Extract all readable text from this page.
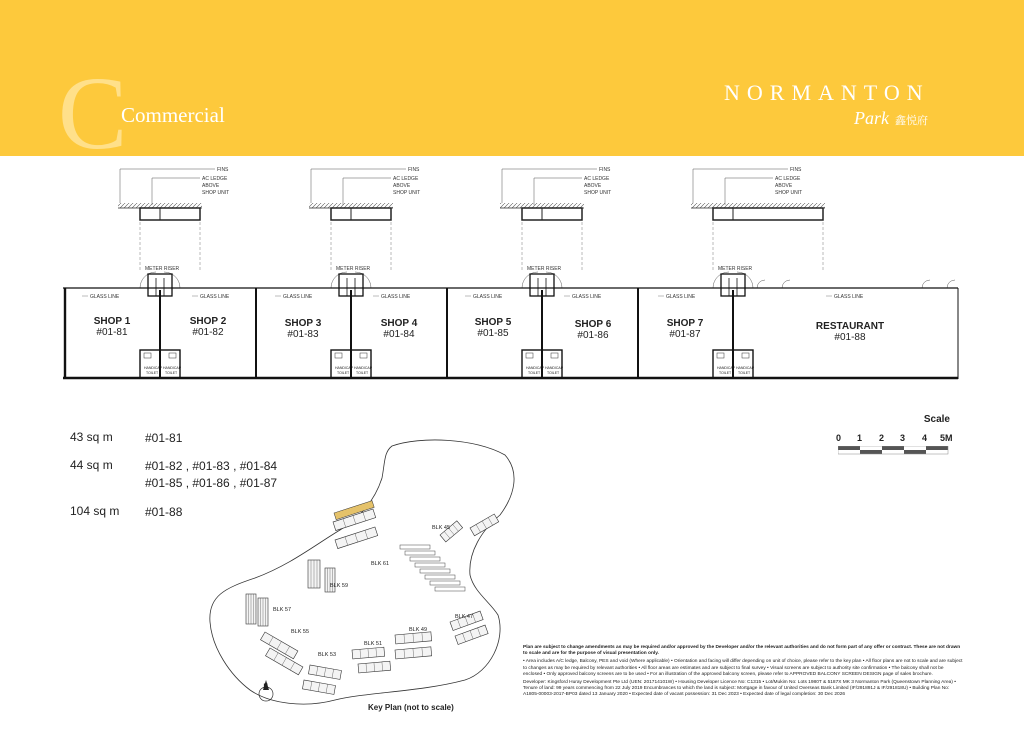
C
Commercial
NORMANTON
Park 鑫悦府
FINS
AC LEDGE
ABOVE
SHOP UNIT
METER RISER
HANDICAP
TOILET
HANDICAP
TOILET
FINS
AC LEDGE
ABOVE
SHOP UNIT
METER RISER
HANDICAP
TOILET
HANDICAP
TOILET
FINS
AC LEDGE
ABOVE
SHOP UNIT
METER RISER
HANDICAP
TOILET
HANDICAP
TOILET
FINS
AC LEDGE
ABOVE
SHOP UNIT
METER RISER
HANDICAP
TOILET
HANDICAP
TOILET
GLASS LINE	GLASS LINE	GLASS LINE	GLASS LINE	GLASS LINE	GLASS LINE	GLASS LINE	GLASS LINE
SHOP 1
#01-81
SHOP 2
#01-82
SHOP 3
#01-83
SHOP 4
#01-84
SHOP 5
#01-85
SHOP 6
#01-86
SHOP 7
#01-87
RESTAURANT
#01-88
43 sq m	#01-81
44 sq m	#01-82 , #01-83 , #01-84
#01-85 , #01-86 , #01-87
104 sq m #01-88
Scale
0 1 2 3 4 5M
BLK 45
BLK 47
BLK 49
BLK 51
BLK 53
BLK 55
BLK 57
BLK 59
BLK 61
N
Key Plan (not to scale)

Plan are subject to change amendments as may be required and/or approved by the Developer and/or the relevant authorities and do not form part of any offer or contract. These are not drawn to scale and are for the purpose of visual presentation only.

• Area includes A/C ledge, Balcony, PES and void (Where applicable) • Orientation and facing will differ depending on unit of choice, please refer to the key plan • All floor plans are not to scale and are subject to changes as may be required by relevant authorities • All floor areas are estimates and are subject to final survey • Visual screens are subject to authority site confirmation • The balcony shall not be enclosed • Only approved balcony screens are to be used • For an illustration of the approved balcony screen, please refer to APPROVED BALCONY SCREEN DESIGN page of sales brochure.

Developer: Kingsford Huray Development Pte Ltd (UEN: 201714101W) • Housing Developer Licence No: C1315 • Lot/Mukim No: Lots 1980T & 5187X MK 3 Normanton Park (Queenstown Planning Area) • Tenure of land: 99 years commencing from 22 July 2019 Encumbrances to which the land is subject: Mortgage in favour of United Overseas Bank Limited (IF/291891J & IF/291818U) • Building Plan No: A1805-00003-2017-BP03 dated 13 January 2020 • Expected date of vacant possession: 31 Dec 2023 • Expected date of legal completion: 30 Dec 2026
